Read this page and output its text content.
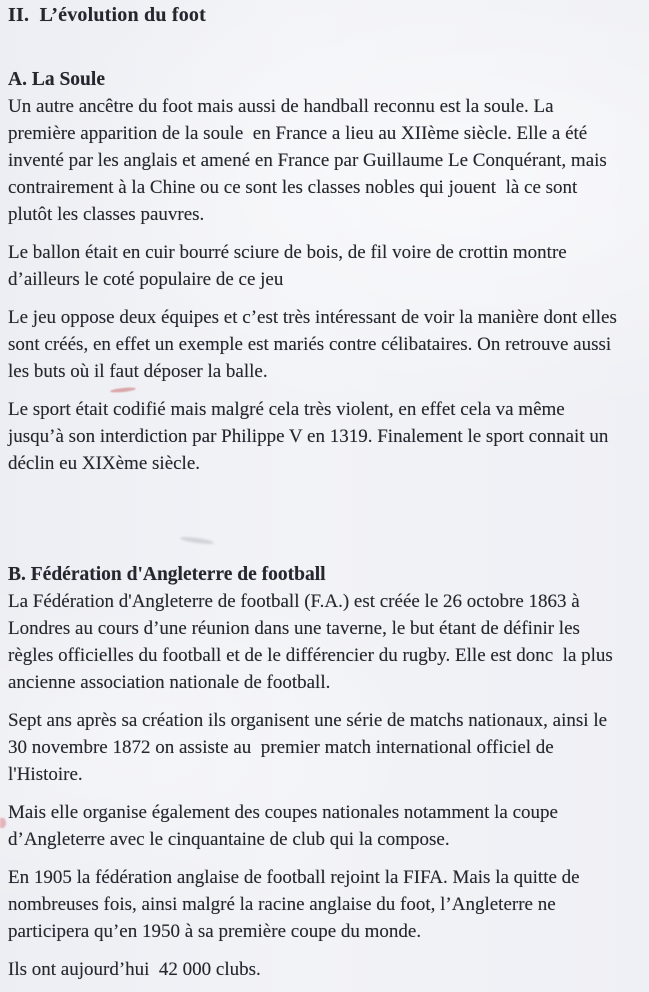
II.  L’évolution du foot
A. La Soule
Un autre ancêtre du foot mais aussi de handball reconnu est la soule. La
première apparition de la soule  en France a lieu au XIIème siècle. Elle a été
inventé par les anglais et amené en France par Guillaume Le Conquérant, mais
contrairement à la Chine ou ce sont les classes nobles qui jouent  là ce sont
plutôt les classes pauvres.
Le ballon était en cuir bourré sciure de bois, de fil voire de crottin montre
d’ailleurs le coté populaire de ce jeu
Le jeu oppose deux équipes et c’est très intéressant de voir la manière dont elles
sont créés, en effet un exemple est mariés contre célibataires. On retrouve aussi
les buts où il faut déposer la balle.
Le sport était codifié mais malgré cela très violent, en effet cela va même
jusqu’à son interdiction par Philippe V en 1319. Finalement le sport connait un
déclin eu XIXème siècle.
B. Fédération d'Angleterre de football
La Fédération d'Angleterre de football (F.A.) est créée le 26 octobre 1863 à
Londres au cours d’une réunion dans une taverne, le but étant de définir les
règles officielles du football et de le différencier du rugby. Elle est donc  la plus
ancienne association nationale de football.
Sept ans après sa création ils organisent une série de matchs nationaux, ainsi le
30 novembre 1872 on assiste au  premier match international officiel de
l'Histoire.
Mais elle organise également des coupes nationales notamment la coupe
d’Angleterre avec le cinquantaine de club qui la compose.
En 1905 la fédération anglaise de football rejoint la FIFA. Mais la quitte de
nombreuses fois, ainsi malgré la racine anglaise du foot, l’Angleterre ne
participera qu’en 1950 à sa première coupe du monde.
Ils ont aujourd’hui  42 000 clubs.
